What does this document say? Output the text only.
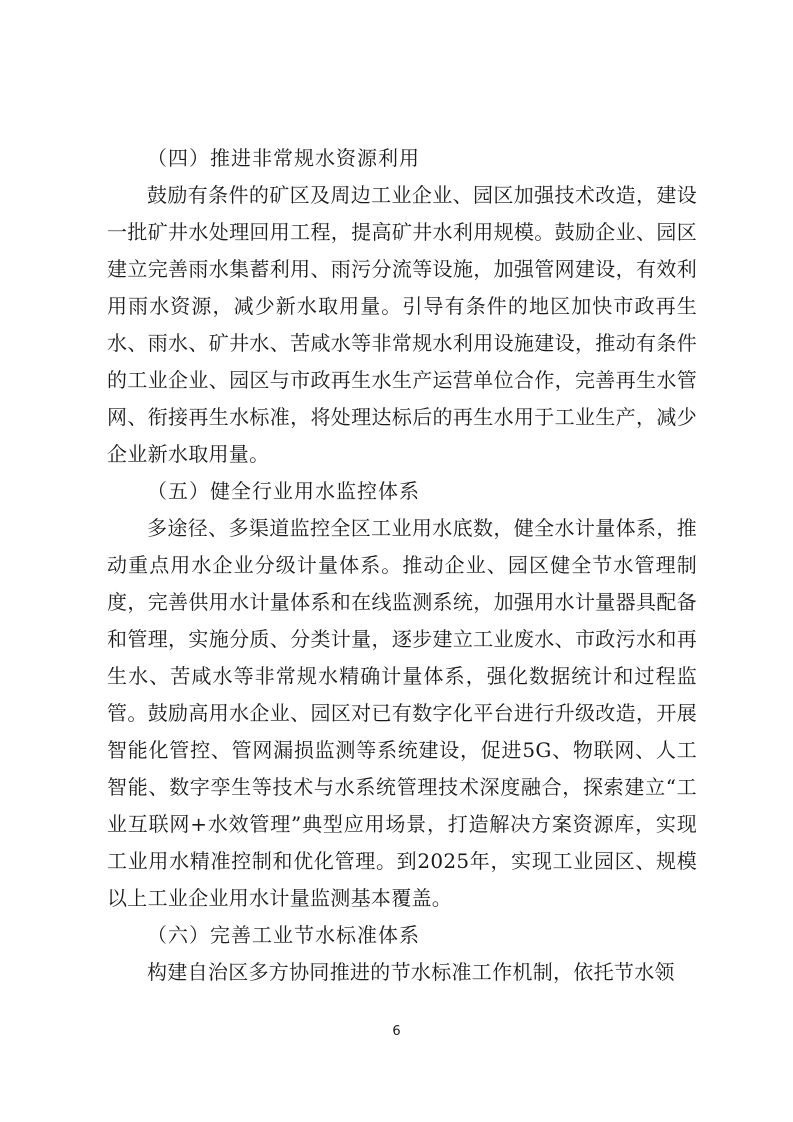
（四）推进非常规水资源利用

鼓励有条件的矿区及周边工业企业、园区加强技术改造，建设一批矿井水处理回用工程，提高矿井水利用规模。鼓励企业、园区建立完善雨水集蓄利用、雨污分流等设施，加强管网建设，有效利用雨水资源，减少新水取用量。引导有条件的地区加快市政再生水、雨水、矿井水、苦咸水等非常规水利用设施建设，推动有条件的工业企业、园区与市政再生水生产运营单位合作，完善再生水管网、衔接再生水标准，将处理达标后的再生水用于工业生产，减少企业新水取用量。

（五）健全行业用水监控体系

多途径、多渠道监控全区工业用水底数，健全水计量体系，推动重点用水企业分级计量体系。推动企业、园区健全节水管理制度，完善供用水计量体系和在线监测系统，加强用水计量器具配备和管理，实施分质、分类计量，逐步建立工业废水、市政污水和再生水、苦咸水等非常规水精确计量体系，强化数据统计和过程监管。鼓励高用水企业、园区对已有数字化平台进行升级改造，开展智能化管控、管网漏损监测等系统建设，促进5G、物联网、人工智能、数字孪生等技术与水系统管理技术深度融合，探索建立“工业互联网+水效管理”典型应用场景，打造解决方案资源库，实现工业用水精准控制和优化管理。到2025年，实现工业园区、规模以上工业企业用水计量监测基本覆盖。

（六）完善工业节水标准体系

构建自治区多方协同推进的节水标准工作机制，依托节水领

6
